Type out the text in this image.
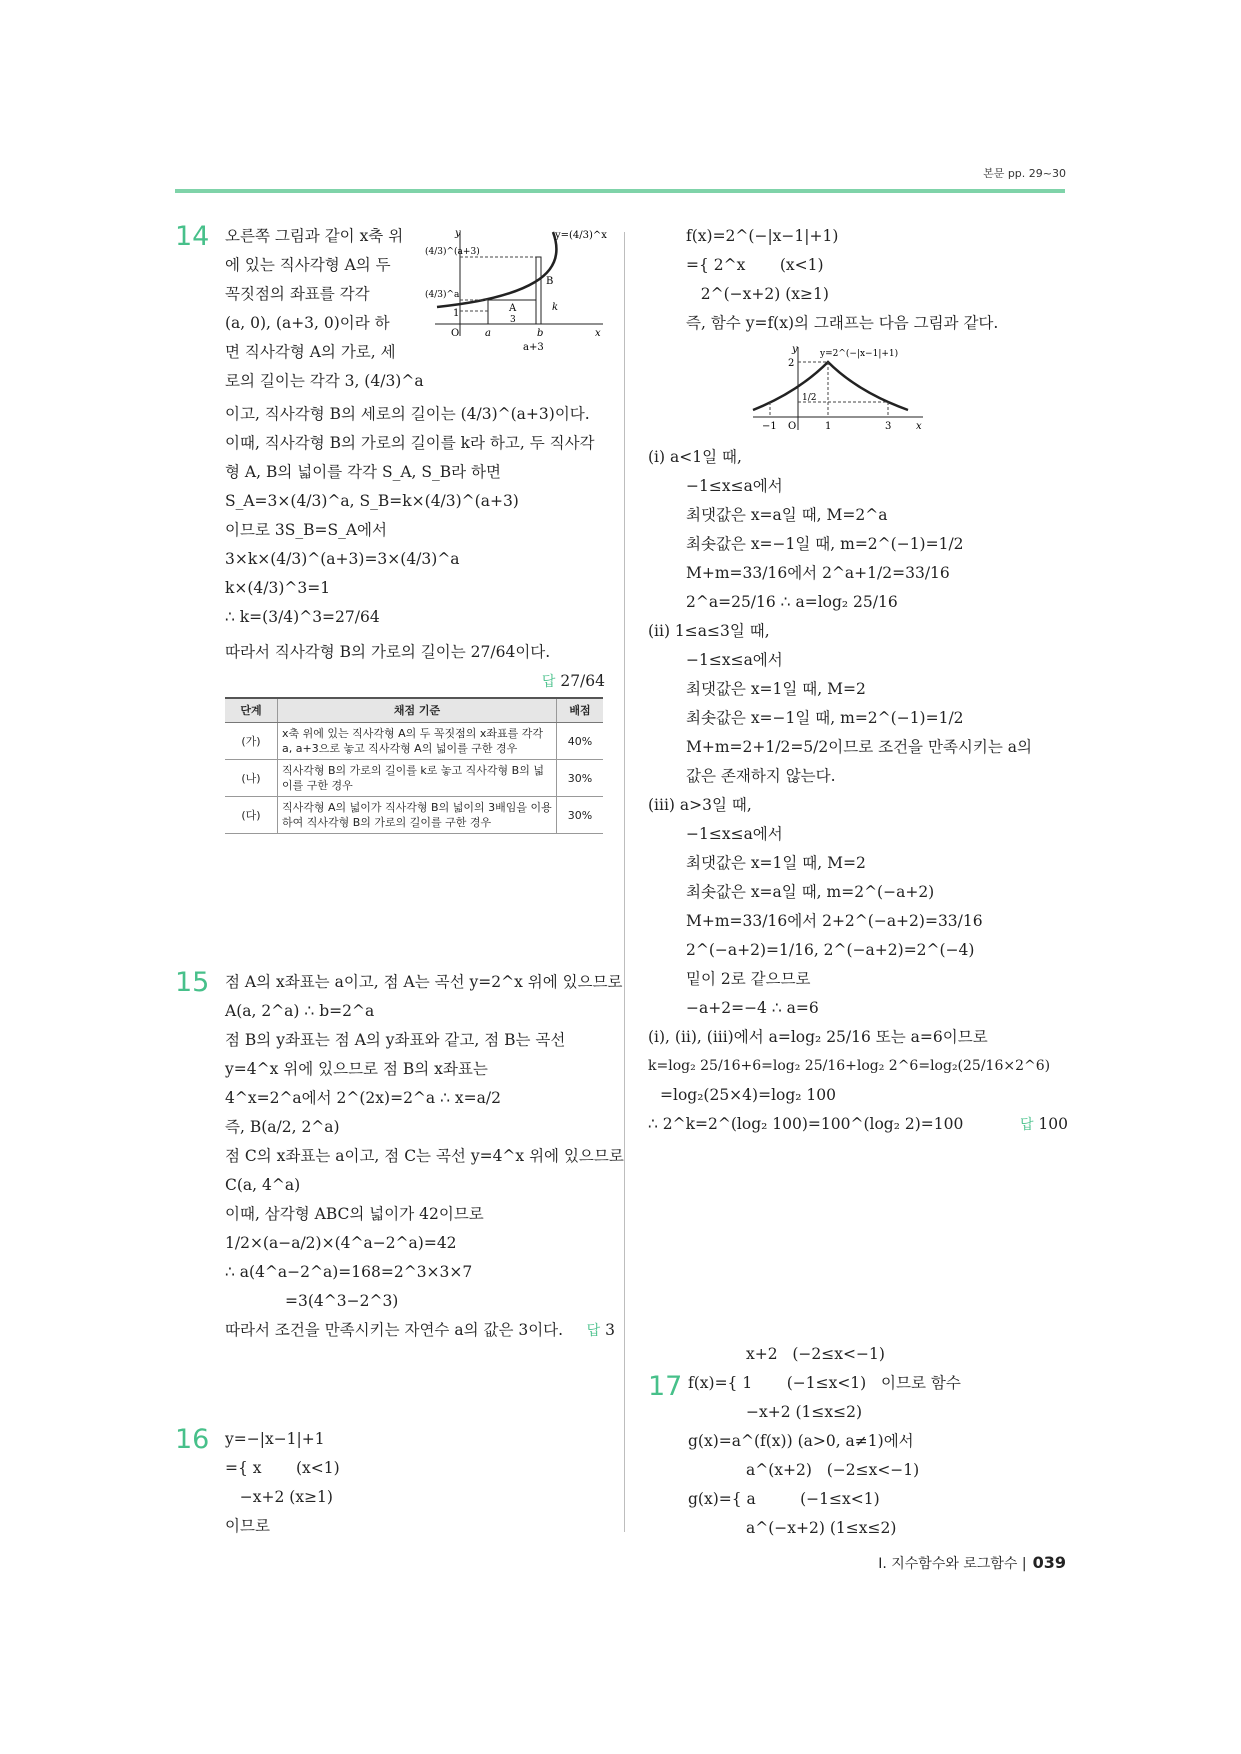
본문 pp. 29~30
14 오른쪽 그림과 같이 x축 위
에 있는 직사각형 A의 두
꼭짓점의 좌표를 각각
(a, 0), (a+3, 0)이라 하
면 직사각형 A의 가로, 세
로의 길이는 각각 3, (4/3)^a
y	y=(4/3)^x
(4/3)^(a+3)
(4/3)^a
1
O	a	b	x
a+3
A
3
B
k
이고, 직사각형 B의 세로의 길이는 (4/3)^(a+3)이다.
이때, 직사각형 B의 가로의 길이를 k라 하고, 두 직사각
형 A, B의 넓이를 각각 S_A, S_B라 하면
S_A=3×(4/3)^a, S_B=k×(4/3)^(a+3)
이므로 3S_B=S_A에서
3×k×(4/3)^(a+3)=3×(4/3)^a
k×(4/3)^3=1
∴ k=(3/4)^3=27/64
따라서 직사각형 B의 가로의 길이는 27/64이다.
답 27/64
단계	채점 기준	배점
(가)	x축 위에 있는 직사각형 A의 두 꼭짓점의 x좌표를 각각 a, a+3으로 놓고 직사각형 A의 넓이를 구한 경우	40%
(나)	직사각형 B의 가로의 길이를 k로 놓고 직사각형 B의 넓이를 구한 경우	30%
(다)	직사각형 A의 넓이가 직사각형 B의 넓이의 3배임을 이용하여 직사각형 B의 가로의 길이를 구한 경우	30%
15 점 A의 x좌표는 a이고, 점 A는 곡선 y=2^x 위에 있으므로
A(a, 2^a) ∴ b=2^a
점 B의 y좌표는 점 A의 y좌표와 같고, 점 B는 곡선
y=4^x 위에 있으므로 점 B의 x좌표는
4^x=2^a에서 2^(2x)=2^a ∴ x=a/2
즉, B(a/2, 2^a)
점 C의 x좌표는 a이고, 점 C는 곡선 y=4^x 위에 있으므로
C(a, 4^a)
이때, 삼각형 ABC의 넓이가 42이므로
1/2×(a−a/2)×(4^a−2^a)=42
∴ a(4^a−2^a)=168=2^3×3×7
=3(4^3−2^3)
따라서 조건을 만족시키는 자연수 a의 값은 3이다. 답 3
16 y=−|x−1|+1
={ x       (x<1)
−x+2 (x≥1)
이므로
f(x)=2^(−|x−1|+1)
={ 2^x       (x<1)
2^(−x+2) (x≥1)
즉, 함수 y=f(x)의 그래프는 다음 그림과 같다.
y y=2^(−|x−1|+1)
2
1/2
−1 O	1	3 x
(i) a<1일 때,
−1≤x≤a에서
최댓값은 x=a일 때, M=2^a
최솟값은 x=−1일 때, m=2^(−1)=1/2
M+m=33/16에서 2^a+1/2=33/16
2^a=25/16 ∴ a=log₂ 25/16
(ii) 1≤a≤3일 때,
−1≤x≤a에서
최댓값은 x=1일 때, M=2
최솟값은 x=−1일 때, m=2^(−1)=1/2
M+m=2+1/2=5/2이므로 조건을 만족시키는 a의
값은 존재하지 않는다.
(iii) a>3일 때,
−1≤x≤a에서
최댓값은 x=1일 때, M=2
최솟값은 x=a일 때, m=2^(−a+2)
M+m=33/16에서 2+2^(−a+2)=33/16
2^(−a+2)=1/16, 2^(−a+2)=2^(−4)
밑이 2로 같으므로
−a+2=−4 ∴ a=6
(i), (ii), (iii)에서 a=log₂ 25/16 또는 a=6이므로
k=log₂ 25/16+6=log₂ 25/16+log₂ 2^6=log₂(25/16×2^6)
=log₂(25×4)=log₂ 100
∴ 2^k=2^(log₂ 100)=100^(log₂ 2)=100	답 100
17
x+2   (−2≤x<−1)
f(x)={ 1       (−1≤x<1)   이므로 함수
−x+2 (1≤x≤2)
g(x)=a^(f(x)) (a>0, a≠1)에서
a^(x+2)   (−2≤x<−1)
g(x)={ a         (−1≤x<1)
a^(−x+2) (1≤x≤2)
Ⅰ. 지수함수와 로그함수 | 039
